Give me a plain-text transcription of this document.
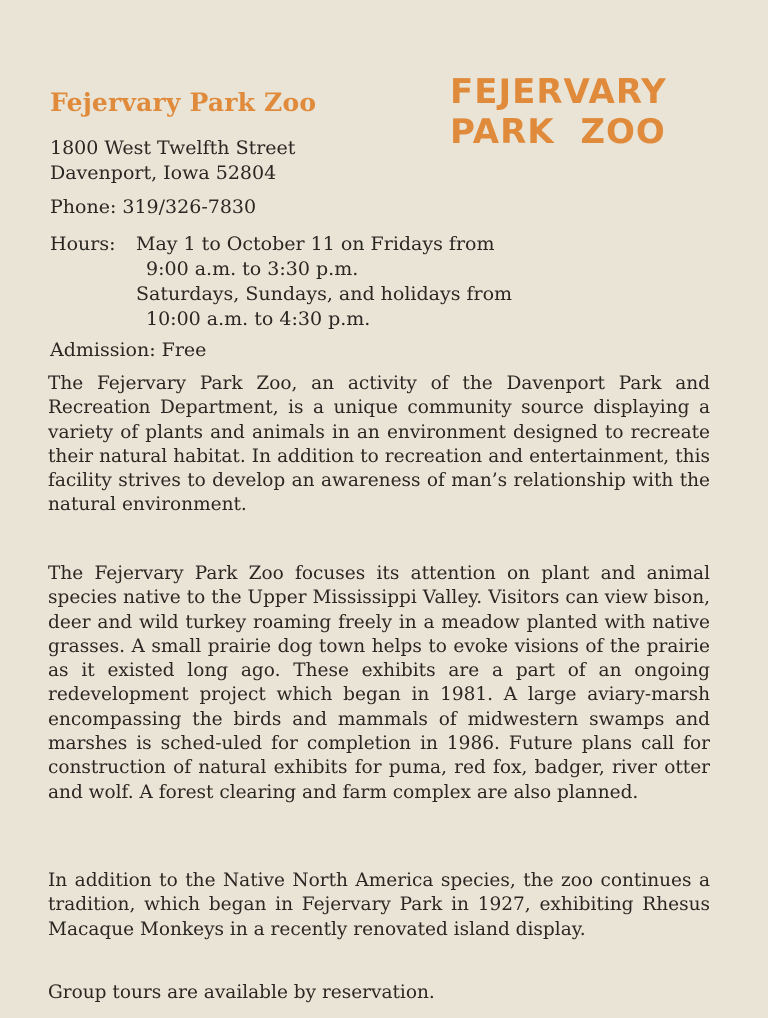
Fejervary Park Zoo	FEJERVARY
PARK  ZOO
1800 West Twelfth Street
Davenport, Iowa 52804
Phone: 319/326-7830
Hours: May 1 to October 11 on Fridays from
9:00 a.m. to 3:30 p.m.
Saturdays, Sundays, and holidays from
10:00 a.m. to 4:30 p.m.
Admission: Free

The Fejervary Park Zoo, an activity of the Davenport Park and Recreation Department, is a unique community source displaying a variety of plants and animals in an environment designed to recreate their natural habitat. In addition to recreation and entertainment, this facility strives to develop an awareness of man’s relationship with the natural environment.

The Fejervary Park Zoo focuses its attention on plant and animal species native to the Upper Mississippi Valley. Visitors can view bison, deer and wild turkey roaming freely in a meadow planted with native grasses. A small prairie dog town helps to evoke visions of the prairie as it existed long ago. These exhibits are a part of an ongoing redevelopment project which began in 1981. A large aviary-marsh encompassing the birds and mammals of midwestern swamps and marshes is sched-uled for completion in 1986. Future plans call for construction of natural exhibits for puma, red fox, badger, river otter and wolf. A forest clearing and farm complex are also planned.

In addition to the Native North America species, the zoo continues a tradition, which began in Fejervary Park in 1927, exhibiting Rhesus Macaque Monkeys in a recently renovated island display.

Group tours are available by reservation.
